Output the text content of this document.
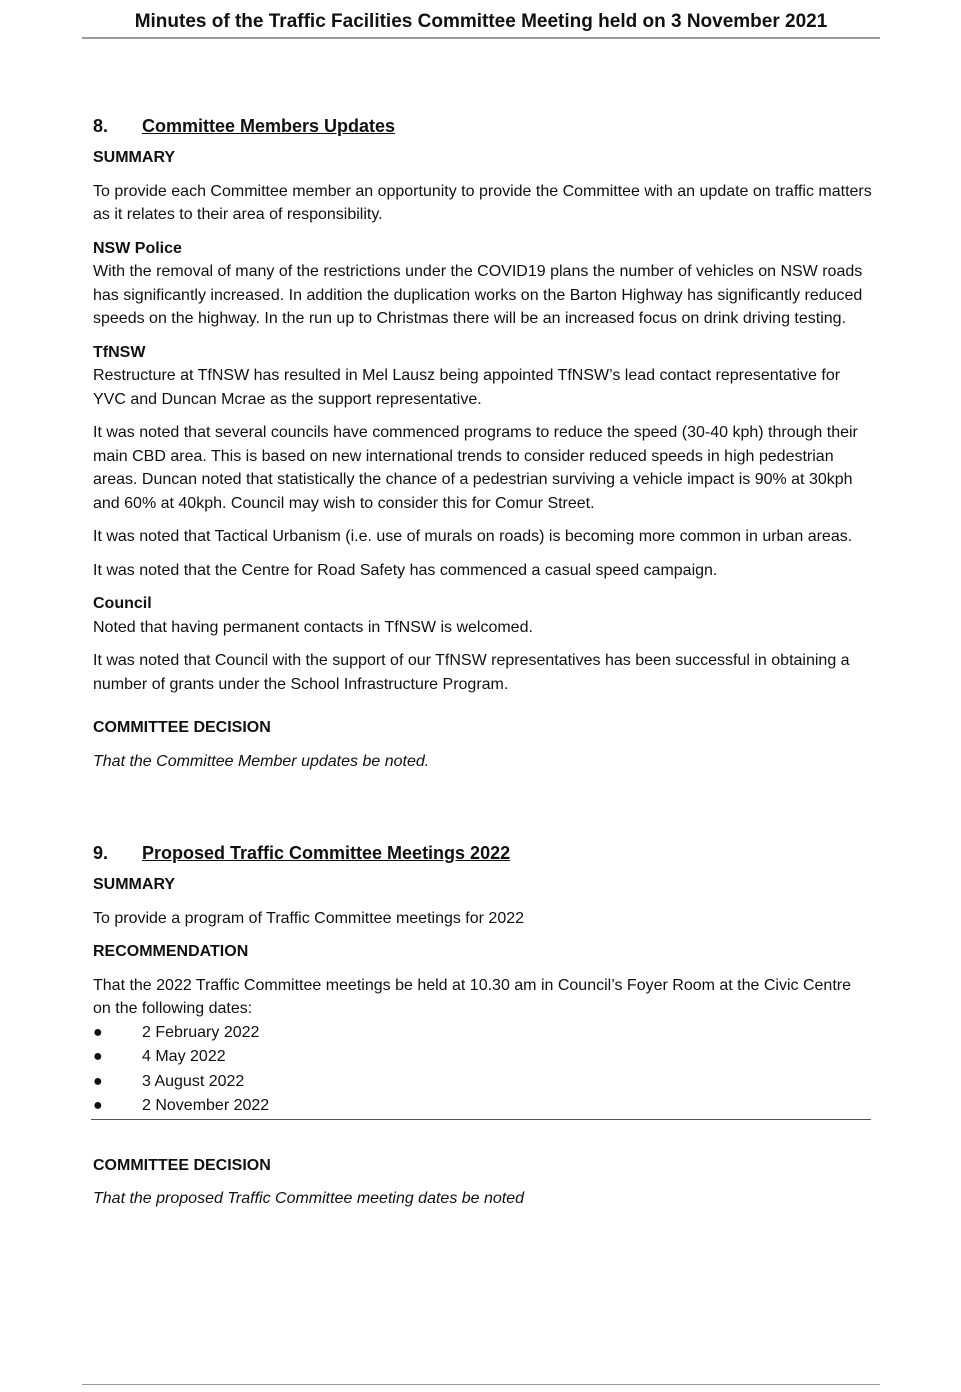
Minutes of the Traffic Facilities Committee Meeting held on 3 November 2021
8. Committee Members Updates
SUMMARY

To provide each Committee member an opportunity to provide the Committee with an update on traffic matters as it relates to their area of responsibility.

NSW Police

With the removal of many of the restrictions under the COVID19 plans the number of vehicles on NSW roads has significantly increased. In addition the duplication works on the Barton Highway has significantly reduced speeds on the highway. In the run up to Christmas there will be an increased focus on drink driving testing.

TfNSW

Restructure at TfNSW has resulted in Mel Lausz being appointed TfNSW’s lead contact representative for YVC and Duncan Mcrae as the support representative.

It was noted that several councils have commenced programs to reduce the speed (30-40 kph) through their main CBD area. This is based on new international trends to consider reduced speeds in high pedestrian areas. Duncan noted that statistically the chance of a pedestrian surviving a vehicle impact is 90% at 30kph and 60% at 40kph. Council may wish to consider this for Comur Street.

It was noted that Tactical Urbanism (i.e. use of murals on roads) is becoming more common in urban areas.

It was noted that the Centre for Road Safety has commenced a casual speed campaign.

Council

Noted that having permanent contacts in TfNSW is welcomed.

It was noted that Council with the support of our TfNSW representatives has been successful in obtaining a number of grants under the School Infrastructure Program.

COMMITTEE DECISION

That the Committee Member updates be noted.

9. Proposed Traffic Committee Meetings 2022
SUMMARY

To provide a program of Traffic Committee meetings for 2022

RECOMMENDATION

That the 2022 Traffic Committee meetings be held at 10.30 am in Council’s Foyer Room at the Civic Centre on the following dates:

● 2 February 2022
● 4 May 2022
● 3 August 2022
● 2 November 2022
COMMITTEE DECISION

That the proposed Traffic Committee meeting dates be noted
